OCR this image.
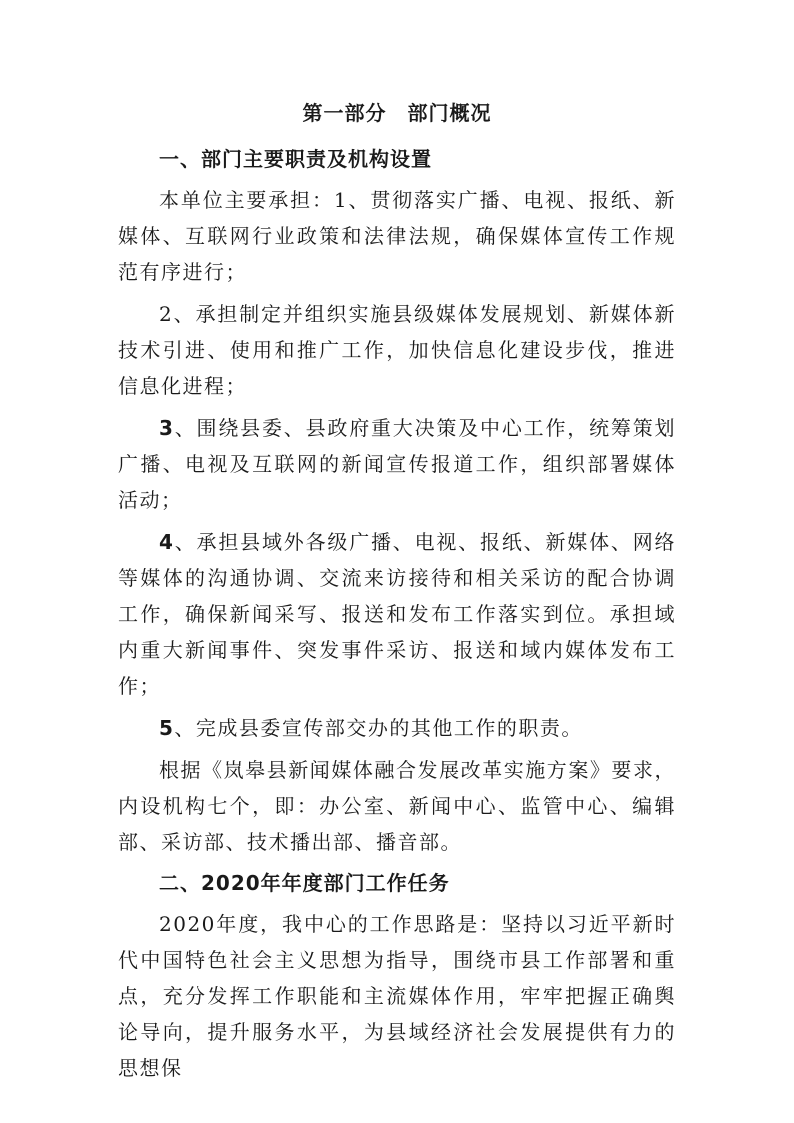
第一部分　部门概况
一、部门主要职责及机构设置

本单位主要承担：1、贯彻落实广播、电视、报纸、新媒体、互联网行业政策和法律法规，确保媒体宣传工作规范有序进行；

2、承担制定并组织实施县级媒体发展规划、新媒体新技术引进、使用和推广工作，加快信息化建设步伐，推进信息化进程；

3、围绕县委、县政府重大决策及中心工作，统筹策划广播、电视及互联网的新闻宣传报道工作，组织部署媒体活动；

4、承担县域外各级广播、电视、报纸、新媒体、网络等媒体的沟通协调、交流来访接待和相关采访的配合协调工作，确保新闻采写、报送和发布工作落实到位。承担域内重大新闻事件、突发事件采访、报送和域内媒体发布工作；

5、完成县委宣传部交办的其他工作的职责。

根据《岚皋县新闻媒体融合发展改革实施方案》要求，内设机构七个，即：办公室、新闻中心、监管中心、编辑部、采访部、技术播出部、播音部。

二、2020年年度部门工作任务

2020年度，我中心的工作思路是：坚持以习近平新时代中国特色社会主义思想为指导，围绕市县工作部署和重点，充分发挥工作职能和主流媒体作用，牢牢把握正确舆论导向，提升服务水平，为县域经济社会发展提供有力的思想保
